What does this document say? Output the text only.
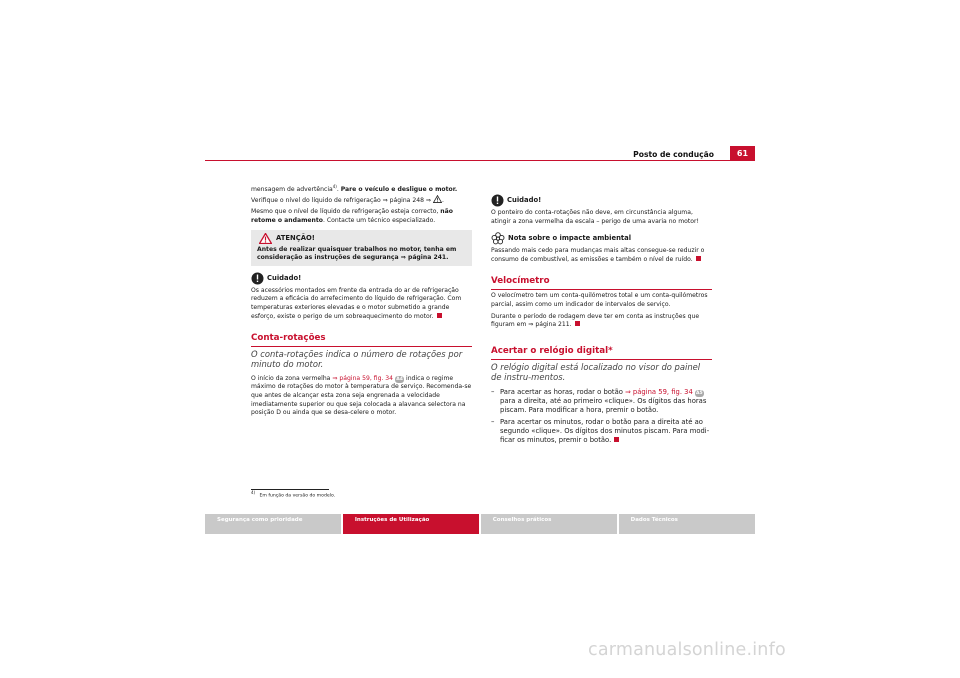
Posto de condução	61

mensagem de advertência$^{4)}$. Pare o veículo e desligue o motor. Verifique o nível do líquido de refrigeração ⇒ página 248 ⇒ .

Mesmo que o nível de líquido de refrigeração esteja correcto, não retome o andamento. Contacte um técnico especializado.

ATENÇÃO!
Antes de realizar quaisquer trabalhos no motor, tenha em consideração as instruções de segurança ⇒ página 241.
Cuidado!

Os acessórios montados em frente da entrada do ar de refrigeração reduzem a eficácia do arrefecimento do líquido de refrigeração. Com temperaturas exteriores elevadas e o motor submetido a grande esforço, existe o perigo de um sobreaquecimento do motor.

Conta-rotações
O conta-rotações indica o número de rotações por minuto do motor.

O início da zona vermelha ⇒ página 59, fig. 34 A4 indica o regime máximo de rotações do motor à temperatura de serviço. Recomenda-se que antes de alcançar esta zona seja engrenada a velocidade imediatamente superior ou que seja colocada a alavanca selectora na posição D ou ainda que se desa-celere o motor.

4)   Em função da versão do modelo.
Cuidado!

O ponteiro do conta-rotações não deve, em circunstância alguma, atingir a zona vermelha da escala – perigo de uma avaria no motor!

Nota sobre o impacte ambiental

Passando mais cedo para mudanças mais altas consegue-se reduzir o consumo de combustível, as emissões e também o nível de ruído.

Velocímetro

O velocímetro tem um conta-quilómetros total e um conta-quilómetros parcial, assim como um indicador de intervalos de serviço.

Durante o período de rodagem deve ter em conta as instruções que figuram em ⇒ página 211.

Acertar o relógio digital*
O relógio digital está localizado no visor do painel de instru-mentos.
– Para acertar as horas, rodar o botão ⇒ página 59, fig. 34 A5 para a direita, até ao primeiro «clique». Os dígitos das horas piscam. Para modificar a hora, premir o botão.
– Para acertar os minutos, rodar o botão para a direita até ao segundo «clique». Os dígitos dos minutos piscam. Para modi-ficar os minutos, premir o botão.
Segurança como prioridade	Instruções de Utilização	Conselhos práticos	Dados Técnicos
carmanualsonline.info
